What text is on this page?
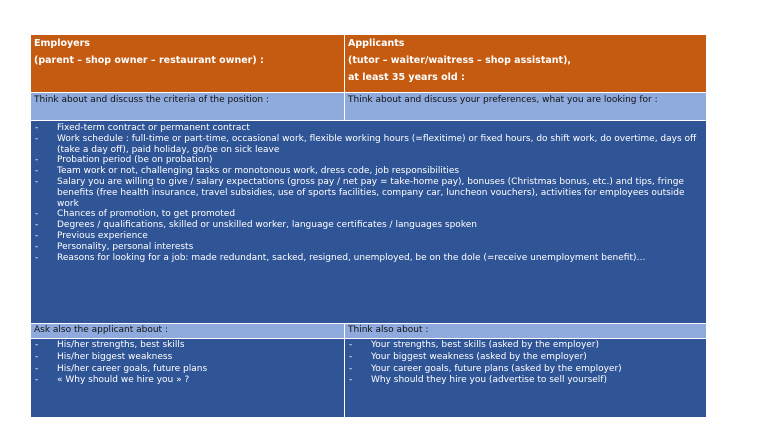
Employers
(parent – shop owner – restaurant owner) :
Applicants
(tutor – waiter/waitress – shop assistant),
at least 35 years old :
Think about and discuss the criteria of the position :	Think about and discuss your preferences, what you are looking for :
- Fixed-term contract or permanent contract
- Work schedule : full-time or part-time, occasional work, flexible working hours (=flexitime) or fixed hours, do shift work, do overtime, days off (take a day off), paid holiday, go/be on sick leave
- Probation period (be on probation)
- Team work or not, challenging tasks or monotonous work, dress code, job responsibilities
- Salary you are willing to give / salary expectations (gross pay / net pay = take-home pay), bonuses (Christmas bonus, etc.) and tips, fringe benefits (free health insurance, travel subsidies, use of sports facilities, company car, luncheon vouchers), activities for employees outside work
- Chances of promotion, to get promoted
- Degrees / qualifications, skilled or unskilled worker, language certificates / languages spoken
- Previous experience
- Personality, personal interests
- Reasons for looking for a job: made redundant, sacked, resigned, unemployed, be on the dole (=receive unemployment benefit)…
Ask also the applicant about :	Think also about :
- His/her strengths, best skills
- His/her biggest weakness
- His/her career goals, future plans
- « Why should we hire you » ?
- Your strengths, best skills (asked by the employer)
- Your biggest weakness (asked by the employer)
- Your career goals, future plans (asked by the employer)
- Why should they hire you (advertise to sell yourself)
